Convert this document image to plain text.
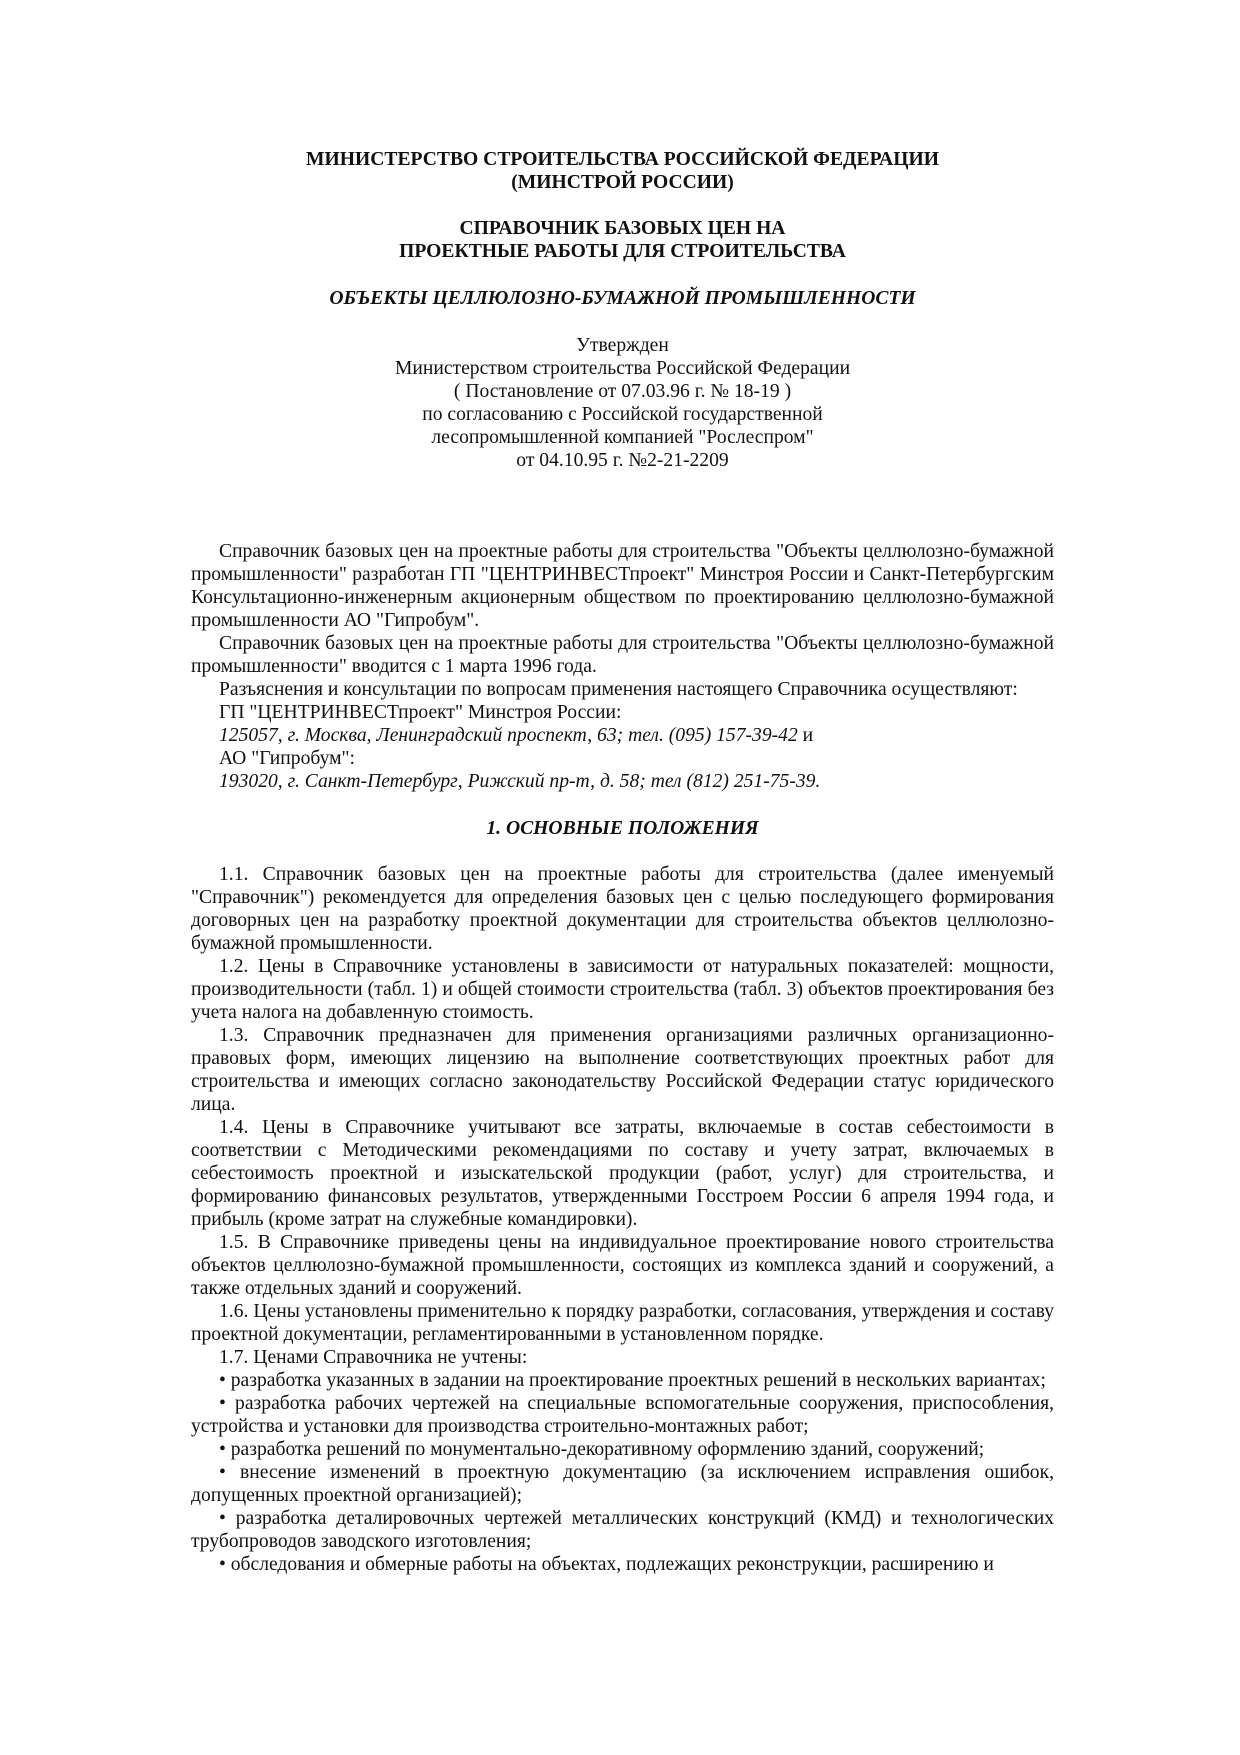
МИНИСТЕРСТВО СТРОИТЕЛЬСТВА РОССИЙСКОЙ ФЕДЕРАЦИИ
(МИНСТРОЙ РОССИИ)
СПРАВОЧНИК БАЗОВЫХ ЦЕН НА
ПРОЕКТНЫЕ РАБОТЫ ДЛЯ СТРОИТЕЛЬСТВА
ОБЪЕКТЫ ЦЕЛЛЮЛОЗНО-БУМАЖНОЙ ПРОМЫШЛЕННОСТИ
Утвержден
Министерством строительства Российской Федерации
( Постановление от 07.03.96 г. № 18-19 )
по согласованию с Российской государственной
лесопромышленной компанией "Рослеспром"
от 04.10.95 г. №2-21-2209

Справочник базовых цен на проектные работы для строительства "Объекты целлюлозно-бумажной промышленности" разработан ГП "ЦЕНТРИНВЕСТпроект" Минстроя России и Санкт-Петербургским Консультационно-инженерным акционерным обществом по проектированию целлюлозно-бумажной промышленности АО "Гипробум".

Справочник базовых цен на проектные работы для строительства "Объекты целлюлозно-бумажной промышленности" вводится с 1 марта 1996 года.

Разъяснения и консультации по вопросам применения настоящего Справочника осуществляют:

ГП "ЦЕНТРИНВЕСТпроект" Минстроя России:

125057, г. Москва, Ленинградский проспект, 63; тел. (095) 157-39-42 и

АО "Гипробум":

193020, г. Санкт-Петербург, Рижский пр-т, д. 58; тел (812) 251-75-39.

1. ОСНОВНЫЕ ПОЛОЖЕНИЯ

1.1. Справочник базовых цен на проектные работы для строительства (далее именуемый "Справочник") рекомендуется для определения базовых цен с целью последующего формирования договорных цен на разработку проектной документации для строительства объектов целлюлозно-бумажной промышленности.

1.2. Цены в Справочнике установлены в зависимости от натуральных показателей: мощности, производительности (табл. 1) и общей стоимости строительства (табл. 3) объектов проектирования без учета налога на добавленную стоимость.

1.3. Справочник предназначен для применения организациями различных организационно-правовых форм, имеющих лицензию на выполнение соответствующих проектных работ для строительства и имеющих согласно законодательству Российской Федерации статус юридического лица.

1.4. Цены в Справочнике учитывают все затраты, включаемые в состав себестоимости в соответствии с Методическими рекомендациями по составу и учету затрат, включаемых в себестоимость проектной и изыскательской продукции (работ, услуг) для строительства, и формированию финансовых результатов, утвержденными Госстроем России 6 апреля 1994 года, и прибыль (кроме затрат на служебные командировки).

1.5. В Справочнике приведены цены на индивидуальное проектирование нового строительства объектов целлюлозно-бумажной промышленности, состоящих из комплекса зданий и сооружений, а также отдельных зданий и сооружений.

1.6. Цены установлены применительно к порядку разработки, согласования, утверждения и составу проектной документации, регламентированными в установленном порядке.

1.7. Ценами Справочника не учтены:

• разработка указанных в задании на проектирование проектных решений в нескольких вариантах;

• разработка рабочих чертежей на специальные вспомогательные сооружения, приспособления, устройства и установки для производства строительно-монтажных работ;

• разработка решений по монументально-декоративному оформлению зданий, сооружений;

• внесение изменений в проектную документацию (за исключением исправления ошибок, допущенных проектной организацией);

• разработка деталировочных чертежей металлических конструкций (КМД) и технологических трубопроводов заводского изготовления;

• обследования и обмерные работы на объектах, подлежащих реконструкции, расширению и
